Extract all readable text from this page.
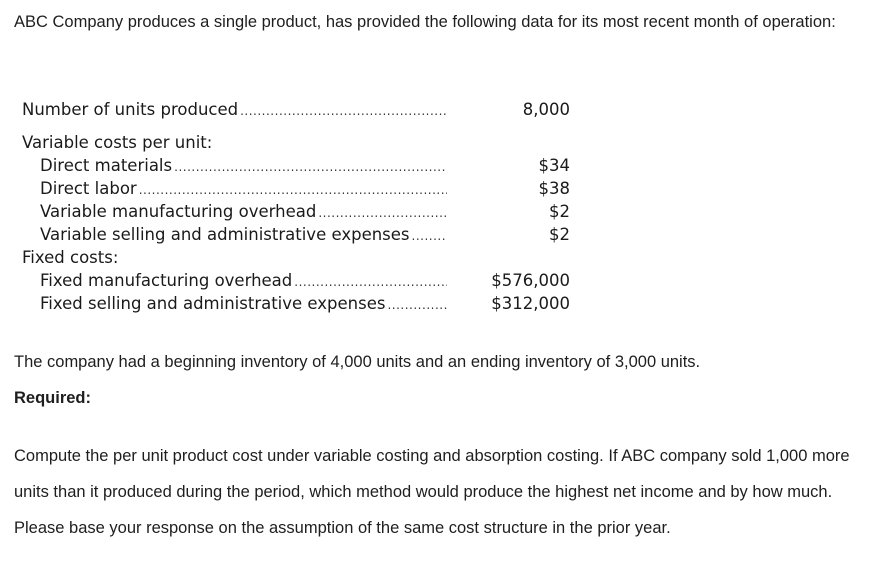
ABC Company produces a single product, has provided the following data for its most recent month of operation:
Number of units produced .....	8,000
Variable costs per unit:
Direct materials .....	$34
Direct labor .....	$38
Variable manufacturing overhead .....	$2
Variable selling and administrative expenses .....	$2
Fixed costs:
Fixed manufacturing overhead .....	$576,000
Fixed selling and administrative expenses .....	$312,000
The company had a beginning inventory of 4,000 units and an ending inventory of 3,000 units.
Required:
Compute the per unit product cost under variable costing and absorption costing. If ABC company sold 1,000 more units than it produced during the period, which method would produce the highest net income and by how much. Please base your response on the assumption of the same cost structure in the prior year.
